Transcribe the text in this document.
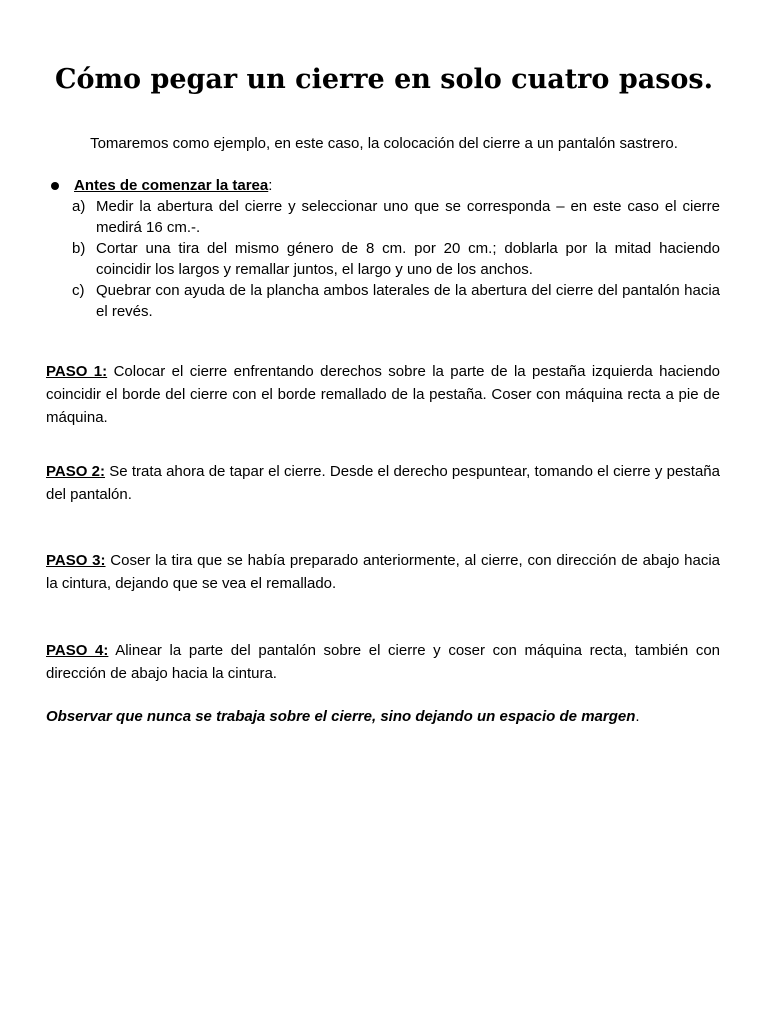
Cómo pegar un cierre en solo cuatro pasos.

Tomaremos como ejemplo, en este caso, la colocación del cierre a un pantalón sastrero.

Antes de comenzar la tarea:

a) Medir la abertura del cierre y seleccionar uno que se corresponda – en este caso el cierre medirá 16 cm.-.
b) Cortar una tira del mismo género de 8 cm. por 20 cm.; doblarla por la mitad haciendo coincidir los largos y remallar juntos, el largo y uno de los anchos.
c) Quebrar con ayuda de la plancha ambos laterales de la abertura del cierre del pantalón hacia el revés.

PASO 1: Colocar el cierre enfrentando derechos sobre la parte de la pestaña izquierda haciendo coincidir el borde del cierre con el borde remallado de la pestaña. Coser con máquina recta a pie de máquina.

PASO 2: Se trata ahora de tapar el cierre. Desde el derecho pespuntear, tomando el cierre y pestaña del pantalón.

PASO 3: Coser la tira que se había preparado anteriormente, al cierre, con dirección de abajo hacia la cintura, dejando que se vea el remallado.

PASO 4: Alinear la parte del pantalón sobre el cierre y coser con máquina recta, también con dirección de abajo hacia la cintura.

Observar que nunca se trabaja sobre el cierre, sino dejando un espacio de margen.
